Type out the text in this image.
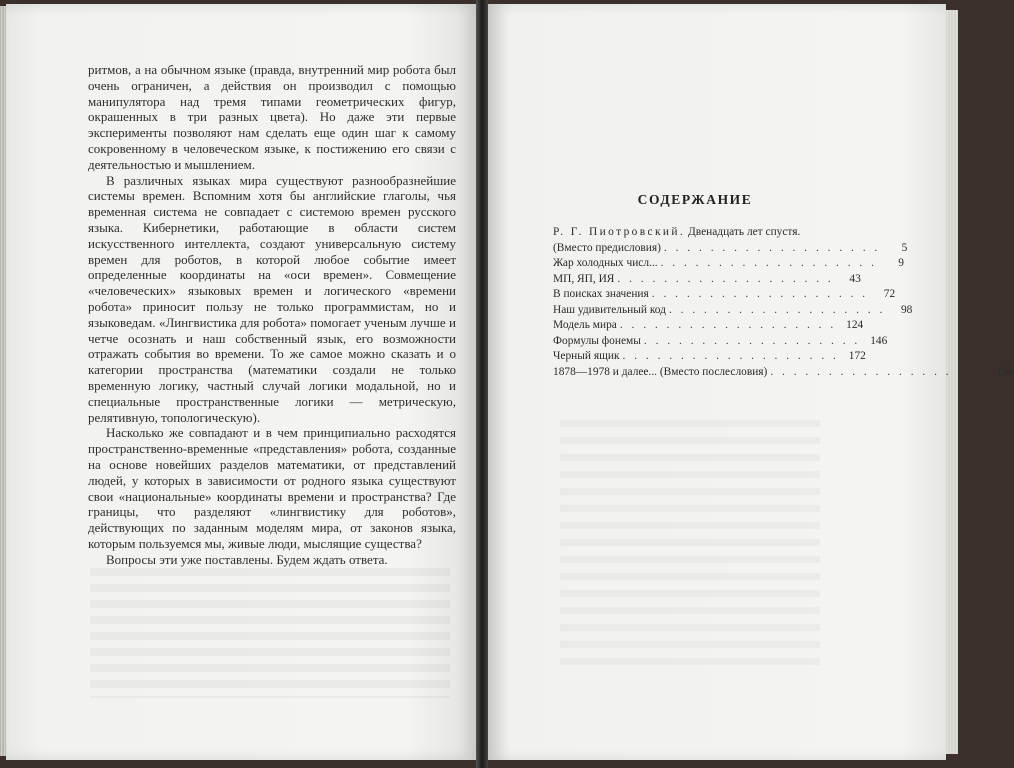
ритмов, а на обычном языке (правда, внутренний мир робота был очень ограничен, а действия он производил с помощью манипулятора над тремя типами геометрических фигур, окрашенных в три разных цвета). Но даже эти первые эксперименты позволяют нам сделать еще один шаг к самому сокровенному в человеческом языке, к постижению его связи с деятельностью и мышлением.

В различных языках мира существуют разнообразнейшие системы времен. Вспомним хотя бы английские глаголы, чья временная система не совпадает с системою времен русского языка. Кибернетики, работающие в области систем искусственного интеллекта, создают универсальную систему времен для роботов, в которой любое событие имеет определенные координаты на «оси времен». Совмещение «человеческих» языковых времен и логического «времени робота» приносит пользу не только программистам, но и языковедам. «Лингвистика для робота» помогает ученым лучше и четче осознать и наш собственный язык, его возможности отражать события во времени. То же самое можно сказать и о категории пространства (математики создали не только временную логику, частный случай логики модальной, но и специальные пространственные логики — метрическую, релятивную, топологическую).

Насколько же совпадают и в чем принципиально расходятся пространственно-временные «представления» робота, созданные на основе новейших разделов математики, от представлений людей, у которых в зависимости от родного языка существуют свои «национальные» координаты времени и пространства? Где границы, что разделяют «лингвистику для роботов», действующих по заданным моделям мира, от законов языка, которым пользуемся мы, живые люди, мыслящие существа?

Вопросы эти уже поставлены. Будем ждать ответа.

СОДЕРЖАНИЕ
Р. Г. Пиотровский. Двенадцать лет спустя.
(Вместо предисловия) . . . . . . . . . . . . . . . . . . .	5
Жар холодных числ... . . . . . . . . . . . . . . . . . . .	9
МП, ЯП, ИЯ . . . . . . . . . . . . . . . . . . .	43
В поисках значения . . . . . . . . . . . . . . . . . . .	72
Наш удивительный код . . . . . . . . . . . . . . . . . . .	98
Модель мира . . . . . . . . . . . . . . . . . . . 124
Формулы фонемы . . . . . . . . . . . . . . . . . . . 146
Черный ящик . . . . . . . . . . . . . . . . . . . 172
1878—1978 и далее... (Вместо послесловия) . . . . . . . . . . . . . . . . . . . 196
